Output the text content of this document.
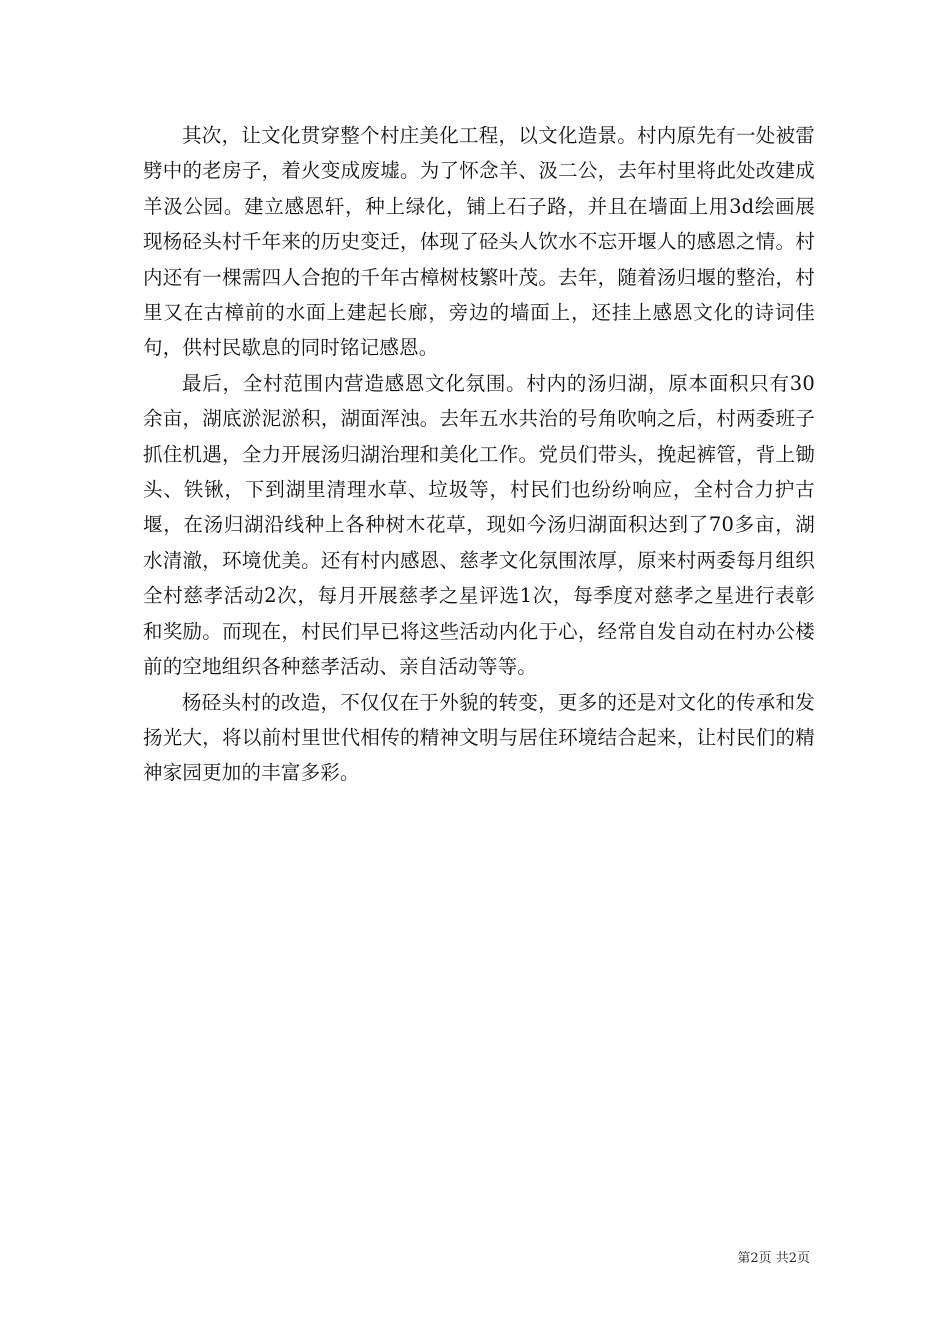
其次，让文化贯穿整个村庄美化工程，以文化造景。村内原先有一处被雷劈中的老房子，着火变成废墟。为了怀念羊、汲二公，去年村里将此处改建成羊汲公园。建立感恩轩，种上绿化，铺上石子路，并且在墙面上用3d绘画展现杨硁头村千年来的历史变迁，体现了硁头人饮水不忘开堰人的感恩之情。村内还有一棵需四人合抱的千年古樟树枝繁叶茂。去年，随着汤归堰的整治，村里又在古樟前的水面上建起长廊，旁边的墙面上，还挂上感恩文化的诗词佳句，供村民歇息的同时铭记感恩。

最后，全村范围内营造感恩文化氛围。村内的汤归湖，原本面积只有30余亩，湖底淤泥淤积，湖面浑浊。去年五水共治的号角吹响之后，村两委班子抓住机遇，全力开展汤归湖治理和美化工作。党员们带头，挽起裤管，背上锄头、铁锹，下到湖里清理水草、垃圾等，村民们也纷纷响应，全村合力护古堰，在汤归湖沿线种上各种树木花草，现如今汤归湖面积达到了70多亩，湖水清澈，环境优美。还有村内感恩、慈孝文化氛围浓厚，原来村两委每月组织全村慈孝活动2次，每月开展慈孝之星评选1次，每季度对慈孝之星进行表彰和奖励。而现在，村民们早已将这些活动内化于心，经常自发自动在村办公楼前的空地组织各种慈孝活动、亲自活动等等。

杨硁头村的改造，不仅仅在于外貌的转变，更多的还是对文化的传承和发扬光大，将以前村里世代相传的精神文明与居住环境结合起来，让村民们的精神家园更加的丰富多彩。

第2页 共2页
